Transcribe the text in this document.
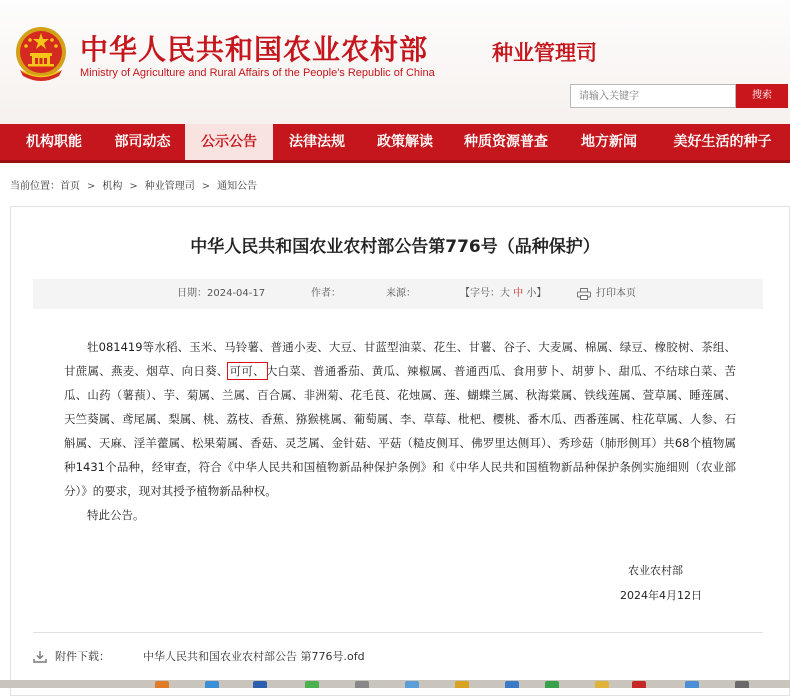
中华人民共和国农业农村部
Ministry of Agriculture and Rural Affairs of the People's Republic of China
种业管理司
请输入关键字
搜索
机构职能	部司动态	公示公告	法律法规	政策解读	种质资源普查	地方新闻	美好生活的种子
当前位置：首页 > 机构 > 种业管理司 > 通知公告
中华人民共和国农业农村部公告第776号（品种保护）
日期：2024-04-17	作者：	来源：	【字号：大 中 小】	打印本页

牡081419等水稻、玉米、马铃薯、普通小麦、大豆、甘蓝型油菜、花生、甘薯、谷子、大麦属、棉属、绿豆、橡胶树、茶组、甘蔗属、燕麦、烟草、向日葵、可可、大白菜、普通番茄、黄瓜、辣椒属、普通西瓜、食用萝卜、胡萝卜、甜瓜、不结球白菜、苦瓜、山药（薯蓣）、芋、菊属、兰属、百合属、非洲菊、花毛茛、花烛属、莲、蝴蝶兰属、秋海棠属、铁线莲属、萱草属、睡莲属、天竺葵属、鸢尾属、梨属、桃、荔枝、香蕉、猕猴桃属、葡萄属、李、草莓、枇杷、樱桃、番木瓜、西番莲属、柱花草属、人参、石斛属、天麻、淫羊藿属、松果菊属、香菇、灵芝属、金针菇、平菇（糙皮侧耳、佛罗里达侧耳）、秀珍菇（肺形侧耳）共68个植物属种1431个品种，经审查，符合《中华人民共和国植物新品种保护条例》和《中华人民共和国植物新品种保护条例实施细则（农业部分）》的要求，现对其授予植物新品种权。

特此公告。

农业农村部
2024年4月12日
附件下载：	中华人民共和国农业农村部公告 第776号.ofd
